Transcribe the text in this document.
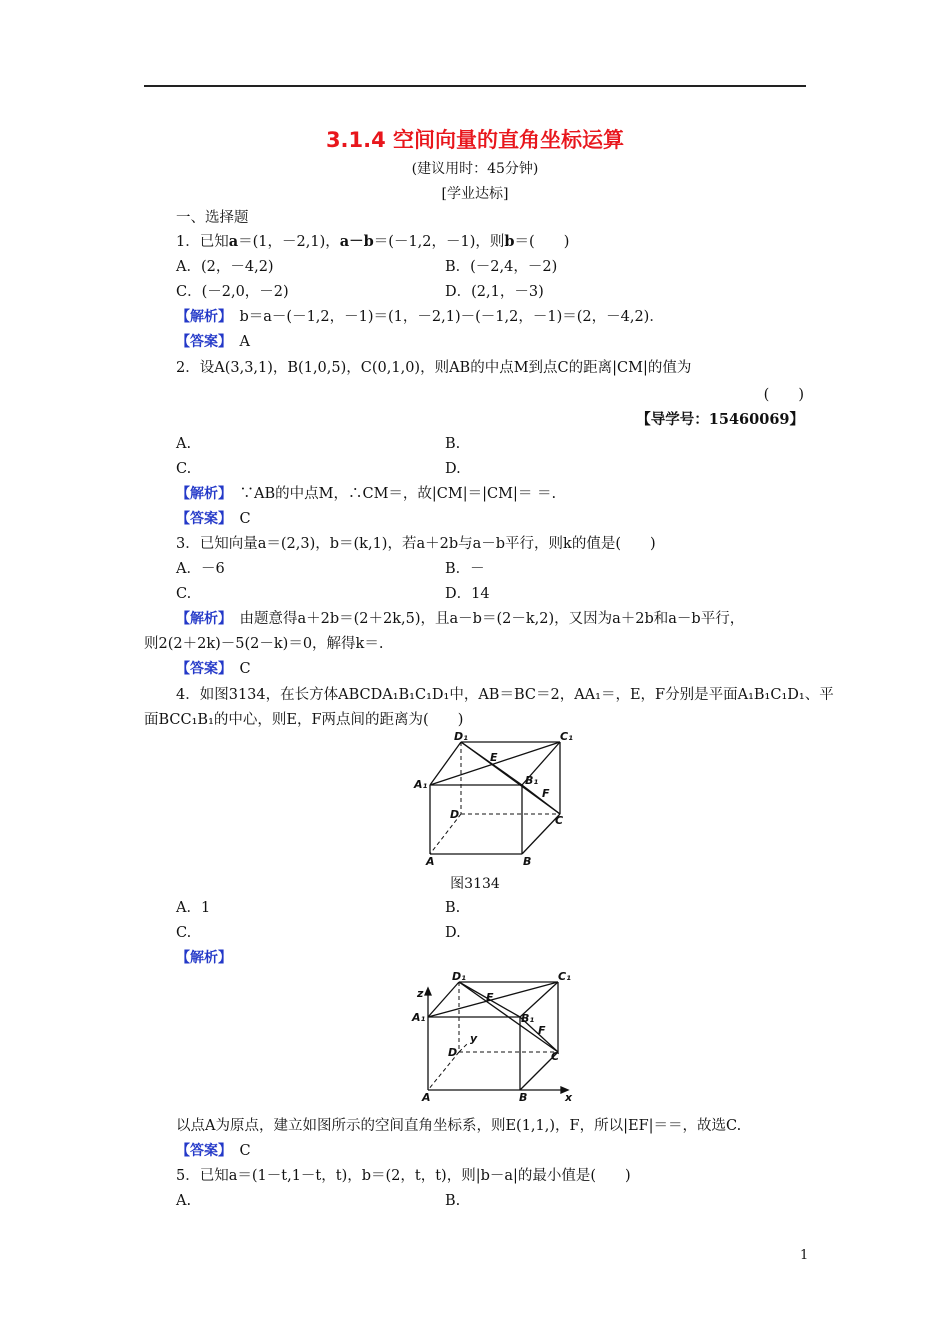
3.1.4 空间向量的直角坐标运算
(建议用时：45分钟)
[学业达标]
一、选择题
1．已知a＝(1，－2,1)，a－b＝(－1,2，－1)，则b＝(　　)
A．(2，－4,2)	B．(－2,4，－2)
C．(－2,0，－2)	D．(2,1，－3)
【解析】　 b＝a－(－1,2，－1)＝(1，－2,1)－(－1,2，－1)＝(2，－4,2)．
【答案】　 A
2．设A(3,3,1)，B(1,0,5)，C(0,1,0)，则AB的中点M到点C的距离|CM|的值为
(　　)
【导学号：15460069】
A.	B.
C.	D.
【解析】　 ∵AB的中点M，∴CM＝，故|CM|＝|CM|＝ ＝.
【答案】　 C
3．已知向量a＝(2,3)，b＝(k,1)，若a＋2b与a－b平行，则k的值是(　　)
A．－6	B．－
C.	D．14
【解析】　 由题意得a＋2b＝(2＋2k,5)，且a－b＝(2－k,2)，又因为a＋2b和a－b平行，
则2(2＋2k)－5(2－k)＝0，解得k＝.
【答案】　 C
4．如图3134，在长方体ABCDA₁B₁C₁D₁中，AB＝BC＝2，AA₁＝，E，F分别是平面A₁B₁C₁D₁、平
面BCC₁B₁的中心，则E，F两点间的距离为(　　)
D₁	C₁
A₁	B₁
E
F
D	C
A	B
图3134
A．1	B.
C.	D.
【解析】
D₁	C₁
A₁	B₁
E
F
D	C
A	B	x
y
z
以点A为原点，建立如图所示的空间直角坐标系，则E(1,1,)，F，所以|EF|＝＝，故选C.
【答案】　 C
5．已知a＝(1－t,1－t，t)，b＝(2，t，t)，则|b－a|的最小值是(　　)
A.	B.
1
